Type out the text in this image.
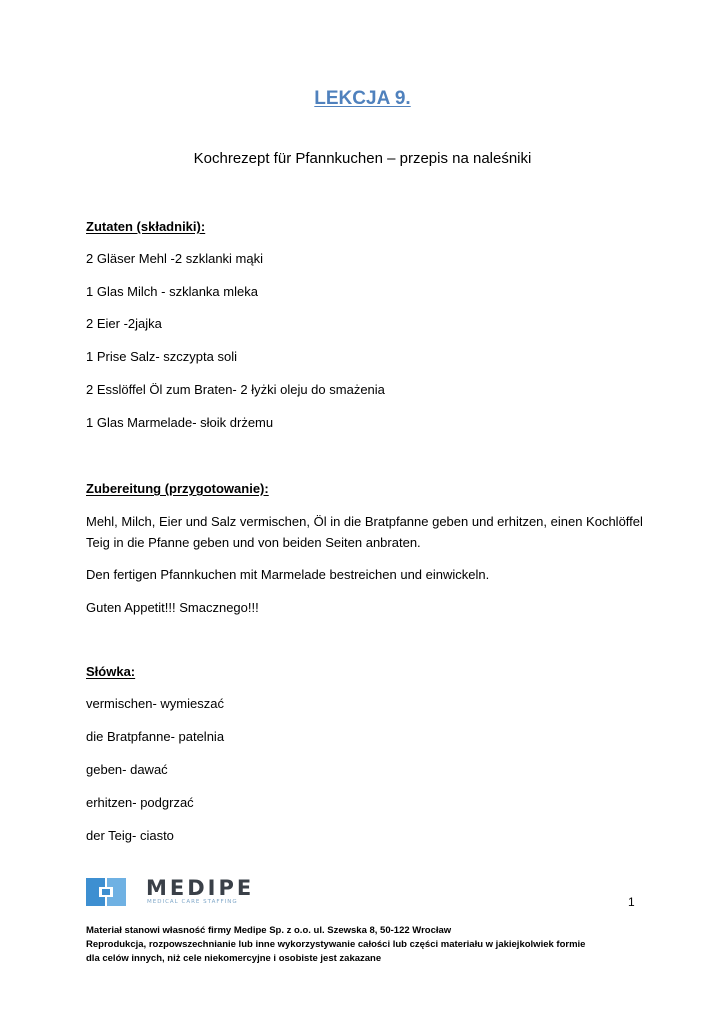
LEKCJA 9.
Kochrezept für Pfannkuchen – przepis na naleśniki
Zutaten (składniki):
2 Gläser Mehl -2 szklanki mąki
1 Glas Milch - szklanka mleka
2 Eier -2jajka
1 Prise Salz- szczypta soli
2 Esslöffel Öl zum Braten- 2 łyżki oleju do smażenia
1 Glas Marmelade- słoik drżemu
Zubereitung (przygotowanie):
Mehl, Milch, Eier und Salz vermischen, Öl in die Bratpfanne geben und erhitzen, einen Kochlöffel Teig in die Pfanne geben und von beiden Seiten anbraten.
Den fertigen Pfannkuchen mit Marmelade bestreichen und einwickeln.
Guten Appetit!!! Smacznego!!!
Słówka:
vermischen- wymieszać
die Bratpfanne- patelnia
geben- dawać
erhitzen- podgrzać
der Teig- ciasto
MEDIPE
MEDICAL CARE STAFFING	1
Materiał stanowi własność firmy Medipe Sp. z o.o. ul. Szewska 8, 50-122 Wrocław
Reprodukcja, rozpowszechnianie lub inne wykorzystywanie całości lub części materiału w jakiejkolwiek formie
dla celów innych, niż cele niekomercyjne i osobiste jest zakazane
